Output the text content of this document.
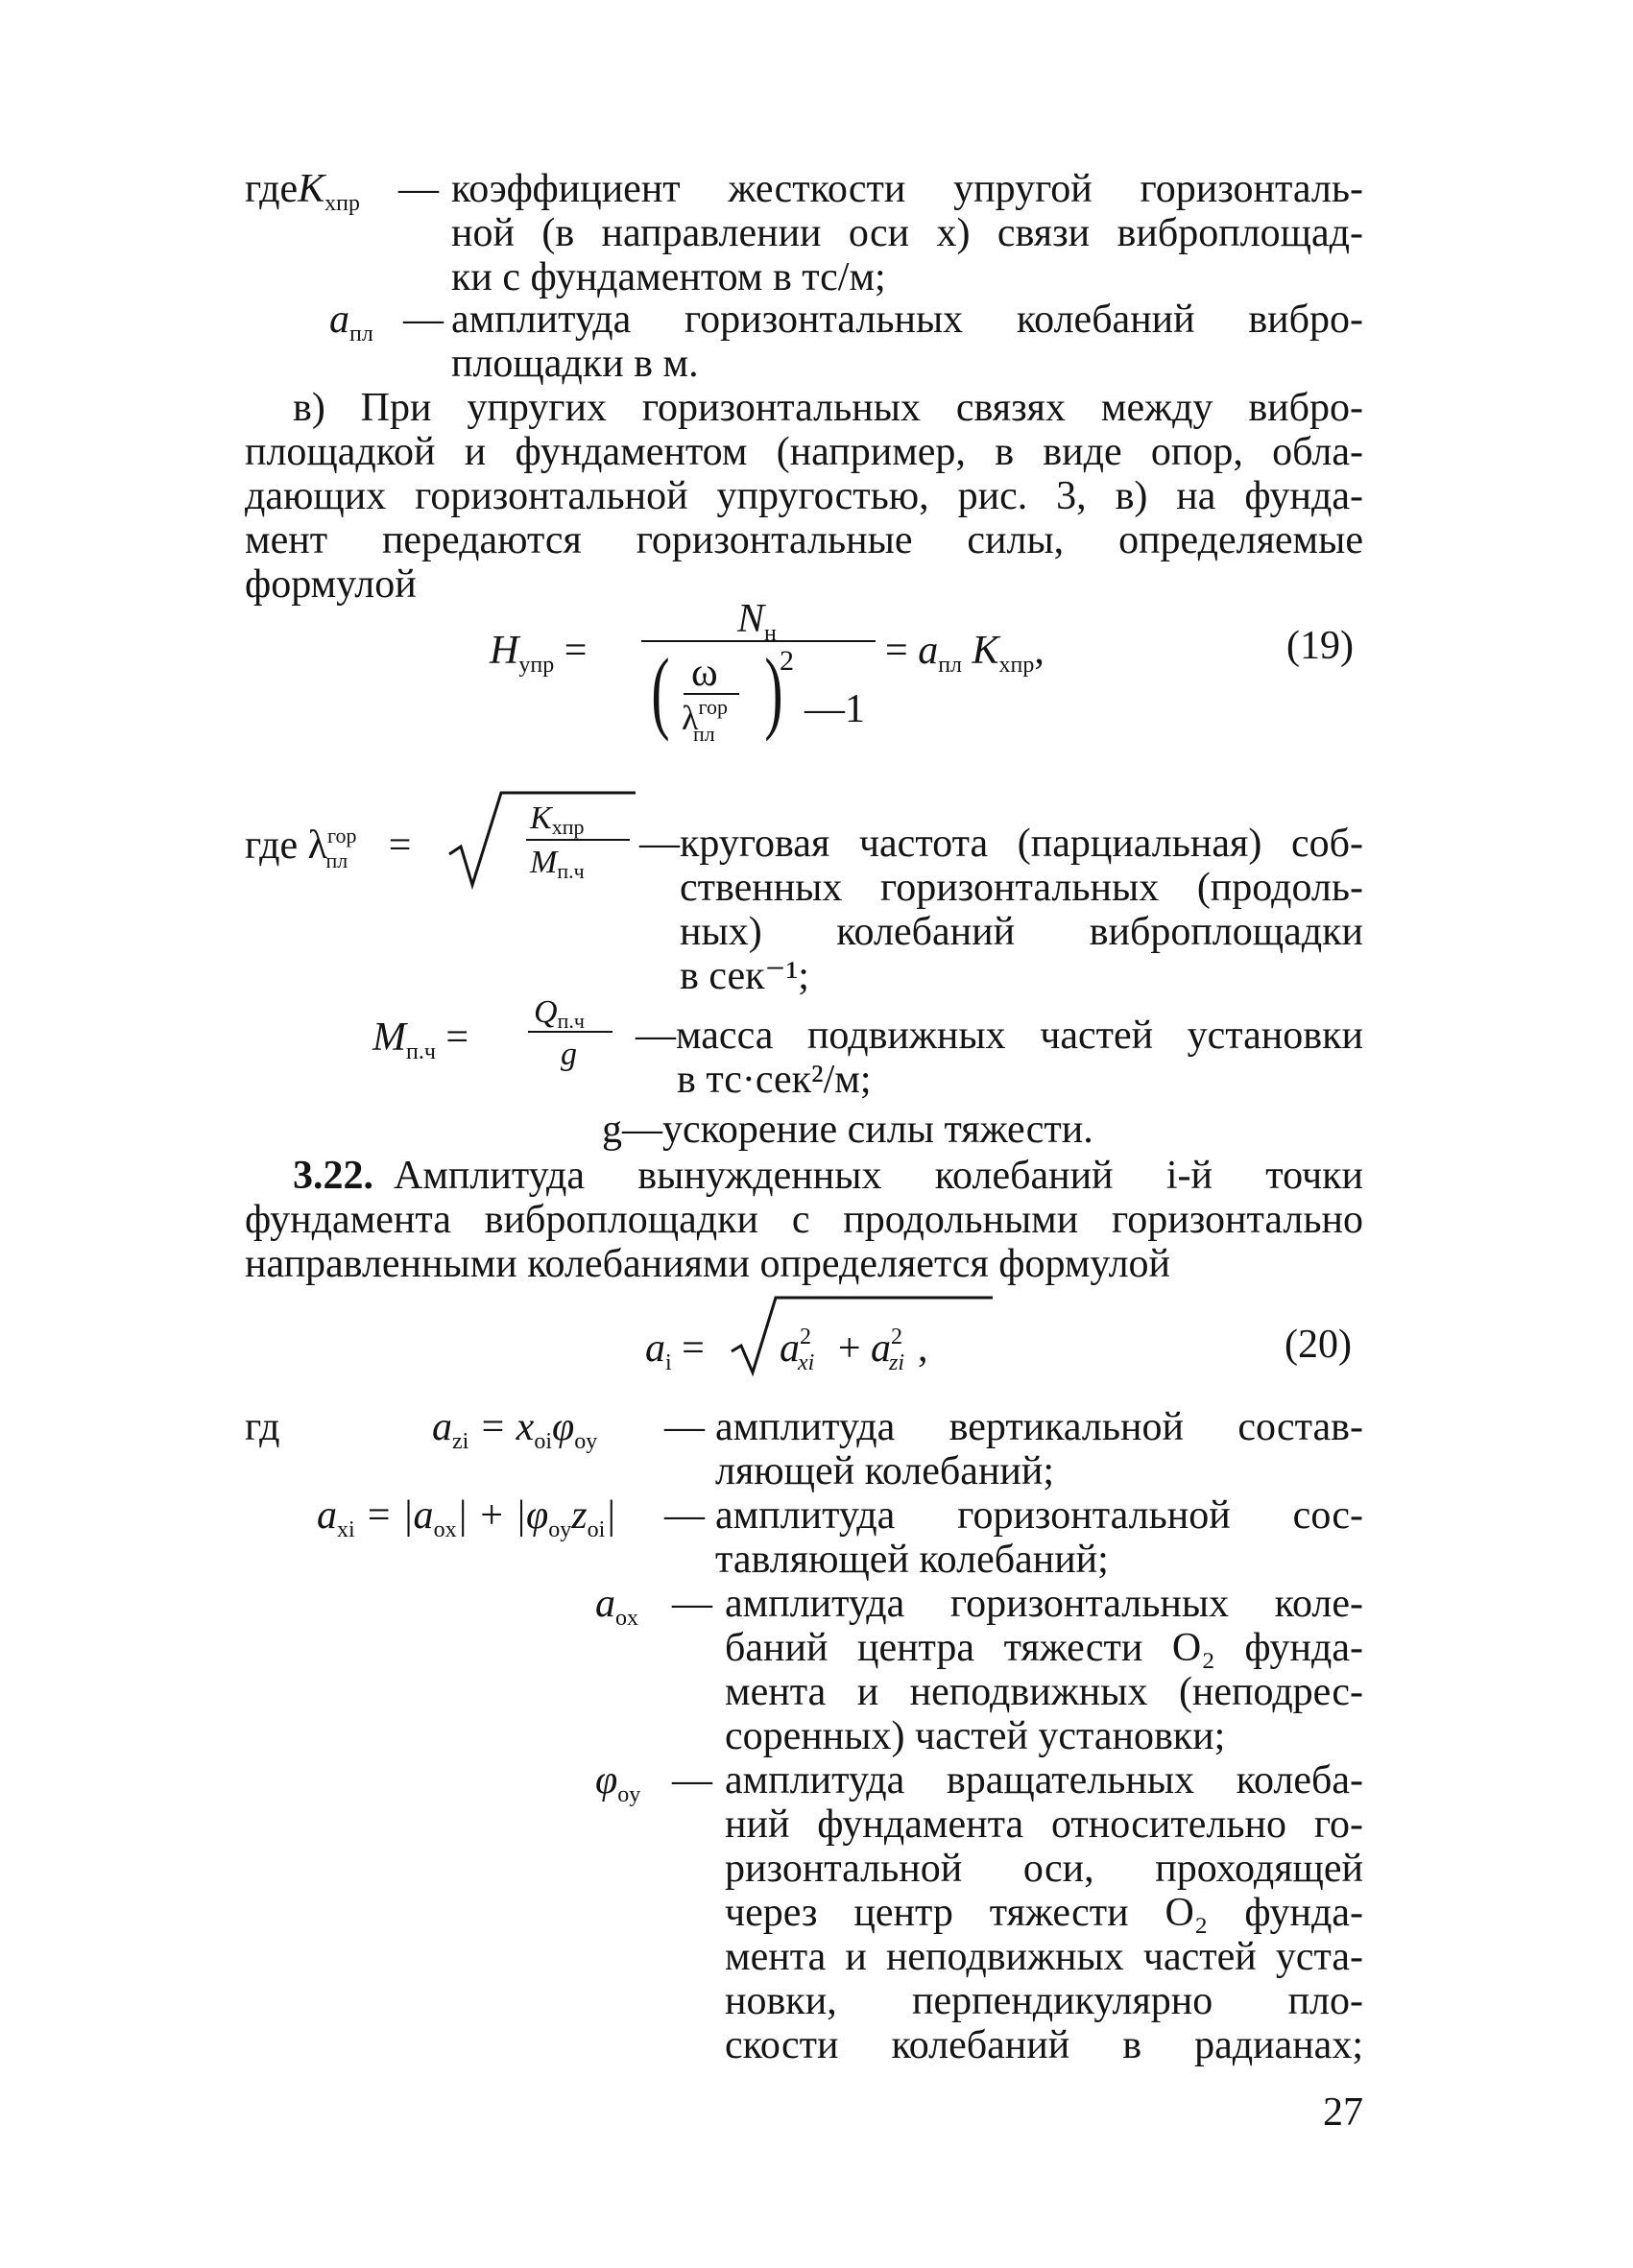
гдеK$_{хпр}$ — коэффициент жесткости упругой горизонталь-
ной (в направлении оси x) связи виброплощад-
ки с фундаментом в тс/м;
$a_{пл}$ — амплитуда горизонтальных колебаний вибро-
площадки в м.
в) При упругих горизонтальных связях между вибро-
площадкой и фундаментом (например, в виде опор, обла-
дающих горизонтальной упругостью, рис. 3, в) на фунда-
мент передаются горизонтальные силы, определяемые
формулой
$H_{упр}$ =
$N_н$
( ω
$\lambda^{гор}_{пл}$ )
2
—1
= $a_{пл}$ $K_{хпр}$,	(19)
где $\lambda^{гор}_{пл}$ =
Kхпр
Mп.ч
—круговая частота (парциальная) соб-
ственных горизонтальных (продоль-
ных) колебаний виброплощадки
в сек⁻¹;
$M_{п.ч}$ =
Qп.ч
g —масса подвижных частей установки
в тс·сек²/м;
g—ускорение силы тяжести.
3.22. Амплитуда вынужденных колебаний i-й точки
фундамента виброплощадки с продольными горизонтально
направленными колебаниями определяется формулой
$a_i = a^2_{xi} + a^2_{zi}$ ,	(20)
гд	$a_{zi} = x_{oi}\varphi_{oy}$ — амплитуда вертикальной состав-
ляющей колебаний;
$a_{xi} = |a_{ox}| + |\varphi_{oy}z_{oi}|$ — амплитуда горизонтальной сос-
тавляющей колебаний;
$a_{ox}$ — амплитуда горизонтальных коле-
баний центра тяжести O₂ фунда-
мента и неподвижных (неподрес-
соренных) частей установки;
$\varphi_{oy}$ — амплитуда вращательных колеба-
ний фундамента относительно го-
ризонтальной оси, проходящей
через центр тяжести O₂ фунда-
мента и неподвижных частей уста-
новки, перпендикулярно пло-
скости колебаний в радианах;
27
